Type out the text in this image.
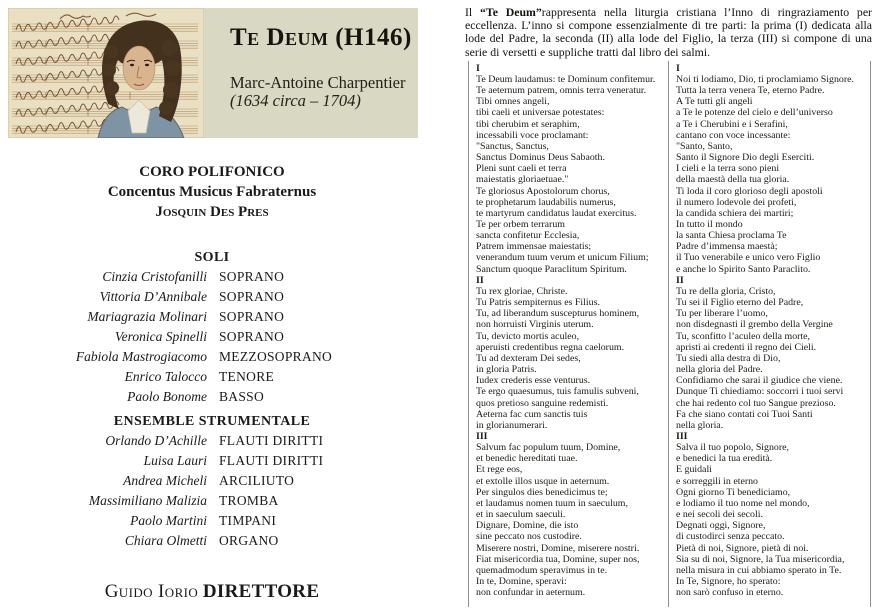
Te Deum (H146)
Marc-Antoine Charpentier
(1634 circa – 1704)
CORO POLIFONICO
Concentus Musicus Fabraternus
Josquin Des Pres
SOLI
Cinzia Cristofanilli SOPRANO
Vittoria D’Annibale SOPRANO
Mariagrazia Molinari SOPRANO
Veronica Spinelli SOPRANO
Fabiola Mastrogiacomo MEZZOSOPRANO
Enrico Talocco TENORE
Paolo Bonome BASSO
ENSEMBLE STRUMENTALE
Orlando D’Achille FLAUTI DIRITTI
Luisa Lauri FLAUTI DIRITTI
Andrea Micheli ARCILIUTO
Massimiliano Malizia TROMBA
Paolo Martini TIMPANI
Chiara Olmetti ORGANO
Guido Iorio DIRETTORE

Il “Te Deum”rappresenta nella liturgia cristiana l’Inno di ringraziamento per eccellenza. L’inno si compone essenzialmente di tre parti: la prima (I) dedicata alla lode del Padre, la seconda (II) alla lode del Figlio, la terza (III) si compone di una serie di versetti e suppliche tratti dal libro dei salmi.

I
Te Deum laudamus: te Dominum confitemur.
Te aeternum patrem, omnis terra veneratur.
Tibi omnes angeli,
tibi caeli et universae potestates:
tibi cherubim et seraphim,
incessabili voce proclamant:
"Sanctus, Sanctus,
Sanctus Dominus Deus Sabaoth.
Pleni sunt caeli et terra
maiestatis gloriaetuae."
Te gloriosus Apostolorum chorus,
te prophetarum laudabilis numerus,
te martyrum candidatus laudat exercitus.
Te per orbem terrarum
sancta confitetur Ecclesia,
Patrem immensae maiestatis;
venerandum tuum verum et unicum Filium;
Sanctum quoque Paraclitum Spiritum.
II
Tu rex gloriae, Christe.
Tu Patris sempiternus es Filius.
Tu, ad liberandum suscepturus hominem,
non horruisti Virginis uterum.
Tu, devicto mortis aculeo,
aperuisti credentibus regna caelorum.
Tu ad dexteram Dei sedes,
in gloria Patris.
Iudex crederis esse venturus.
Te ergo quaesumus, tuis famulis subveni,
quos pretioso sanguine redemisti.
Aeterna fac cum sanctis tuis
in glorianumerari.
III
Salvum fac populum tuum, Domine,
et benedic hereditati tuae.
Et rege eos,
et extolle illos usque in aeternum.
Per singulos dies benedicimus te;
et laudamus nomen tuum in saeculum,
et in saeculum saeculi.
Dignare, Domine, die isto
sine peccato nos custodire.
Miserere nostri, Domine, miserere nostri.
Fiat misericordia tua, Domine, super nos,
quemadmodum speravimus in te.
In te, Domine, speravi:
non confundar in aeternum.
I
Noi ti lodiamo, Dio, ti proclamiamo Signore.
Tutta la terra venera Te, eterno Padre.
A Te tutti gli angeli
a Te le potenze del cielo e dell’universo
a Te i Cherubini e i Serafini,
cantano con voce incessante:
"Santo, Santo,
Santo il Signore Dio degli Eserciti.
I cieli e la terra sono pieni
della maestà della tua gloria.
Ti loda il coro glorioso degli apostoli
il numero lodevole dei profeti,
la candida schiera dei martiri;
In tutto il mondo
la santa Chiesa proclama Te
Padre d’immensa maestà;
il Tuo venerabile e unico vero Figlio
e anche lo Spirito Santo Paraclito.
II
Tu re della gloria, Cristo,
Tu sei il Figlio eterno del Padre,
Tu per liberare l’uomo,
non disdegnasti il grembo della Vergine
Tu, sconfitto l’aculeo della morte,
apristi ai credenti il regno dei Cieli.
Tu siedi alla destra di Dio,
nella gloria del Padre.
Confidiamo che sarai il giudice che viene.
Dunque Ti chiediamo: soccorri i tuoi servi
che hai redento col tuo Sangue prezioso.
Fa che siano contati coi Tuoi Santi
nella gloria.
III
Salva il tuo popolo, Signore,
e benedici la tua eredità.
E guidali
e sorreggili in eterno
Ogni giorno Ti benediciamo,
e lodiamo il tuo nome nel mondo,
e nei secoli dei secoli.
Degnati oggi, Signore,
di custodirci senza peccato.
Pietà di noi, Signore, pietà di noi.
Sia su di noi, Signore, la Tua misericordia,
nella misura in cui abbiamo sperato in Te.
In Te, Signore, ho sperato:
non sarò confuso in eterno.
